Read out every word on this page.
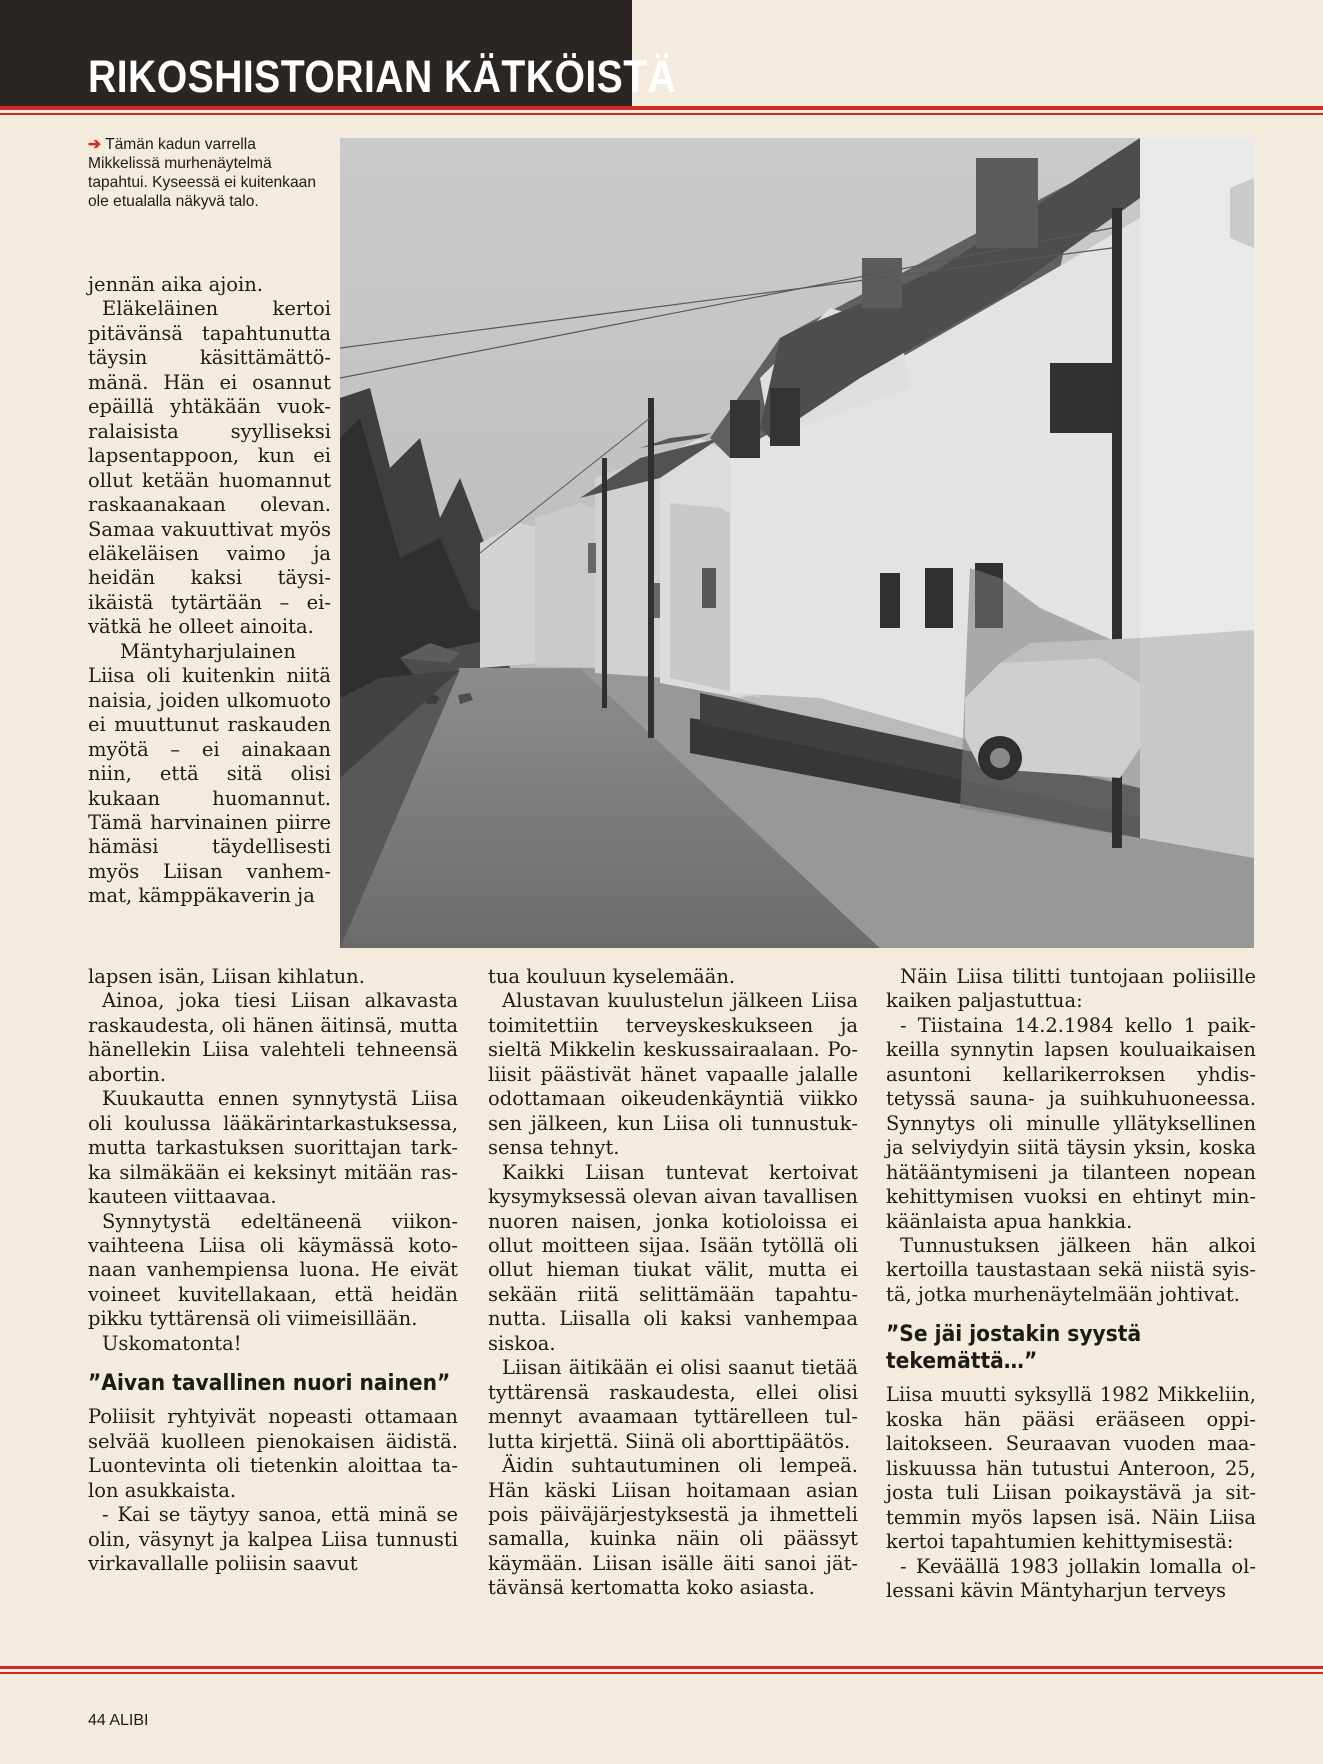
RIKOSHISTORIAN KÄTKÖISTÄ
➔ Tämän kadun varrella Mikkelissä murhenäytelmä tapahtui. Kyseessä ei kuitenkaan ole etualalla näkyvä talo.

jennän aika ajoin.

Eläkeläinen kertoi pitävänsä tapahtunutta täysin käsittämättömänä. Hän ei osannut epäillä yhtäkään vuokralaisista syylliseksi lapsentappoon, kun ei ollut ketään huomannut raskaanakaan olevan. Samaa vakuuttivat myös eläkeläisen vaimo ja heidän kaksi täysi-ikäistä tytärtään – eivätkä he olleet ainoita.

Mäntyharjulainen Liisa oli kuitenkin niitä naisia, joiden ulkomuoto ei muuttunut raskauden myötä – ei ainakaan niin, että sitä olisi kukaan huomannut. Tämä harvinainen piirre hämäsi täydellisesti myös Liisan vanhemmat, kämppäkaverin ja

lapsen isän, Liisan kihlatun.

Ainoa, joka tiesi Liisan alkavasta raskaudesta, oli hänen äitinsä, mutta hänellekin Liisa valehteli tehneensä abortin.

Kuukautta ennen synnytystä Liisa oli koulussa lääkärintarkastuksessa, mutta tarkastuksen suorittajan tarkka silmäkään ei keksinyt mitään raskauteen viittaavaa.

Synnytystä edeltäneenä viikonvaihteena Liisa oli käymässä kotonaan vanhempiensa luona. He eivät voineet kuvitellakaan, että heidän pikku tyttärensä oli viimeisillään.

Uskomatonta!

”Aivan tavallinen nuori nainen”

Poliisit ryhtyivät nopeasti ottamaan selvää kuolleen pienokaisen äidistä. Luontevinta oli tietenkin aloittaa talon asukkaista.

- Kai se täytyy sanoa, että minä se olin, väsynyt ja kalpea Liisa tunnusti virkavallalle poliisin saavut

tua kouluun kyselemään.

Alustavan kuulustelun jälkeen Liisa toimitettiin terveyskeskukseen ja sieltä Mikkelin keskussairaalaan. Poliisit päästivät hänet vapaalle jalalle odottamaan oikeudenkäyntiä viikko sen jälkeen, kun Liisa oli tunnustuksensa tehnyt.

Kaikki Liisan tuntevat kertoivat kysymyksessä olevan aivan tavallisen nuoren naisen, jonka kotioloissa ei ollut moitteen sijaa. Isään tytöllä oli ollut hieman tiukat välit, mutta ei sekään riitä selittämään tapahtunutta. Liisalla oli kaksi vanhempaa siskoa.

Liisan äitikään ei olisi saanut tietää tyttärensä raskaudesta, ellei olisi mennyt avaamaan tyttärelleen tullutta kirjettä. Siinä oli aborttipäätös.

Äidin suhtautuminen oli lempeä. Hän käski Liisan hoitamaan asian pois päiväjärjestyksestä ja ihmetteli samalla, kuinka näin oli päässyt käymään. Liisan isälle äiti sanoi jättävänsä kertomatta koko asiasta.

Näin Liisa tilitti tuntojaan poliisille kaiken paljastuttua:

- Tiistaina 14.2.1984 kello 1 paikkeilla synnytin lapsen kouluaikaisen asuntoni kellarikerroksen yhdistetyssä sauna- ja suihkuhuoneessa. Synnytys oli minulle yllätyksellinen ja selviydyin siitä täysin yksin, koska hätääntymiseni ja tilanteen nopean kehittymisen vuoksi en ehtinyt minkäänlaista apua hankkia.

Tunnustuksen jälkeen hän alkoi kertoilla taustastaan sekä niistä syistä, jotka murhenäytelmään johtivat.

”Se jäi jostakin syystä tekemättä…”

Liisa muutti syksyllä 1982 Mikkeliin, koska hän pääsi erääseen oppilaitokseen. Seuraavan vuoden maaliskuussa hän tutustui Anteroon, 25, josta tuli Liisan poikaystävä ja sittemmin myös lapsen isä. Näin Liisa kertoi tapahtumien kehittymisestä:

- Keväällä 1983 jollakin lomalla ollessani kävin Mäntyharjun terveys

44 ALIBI
